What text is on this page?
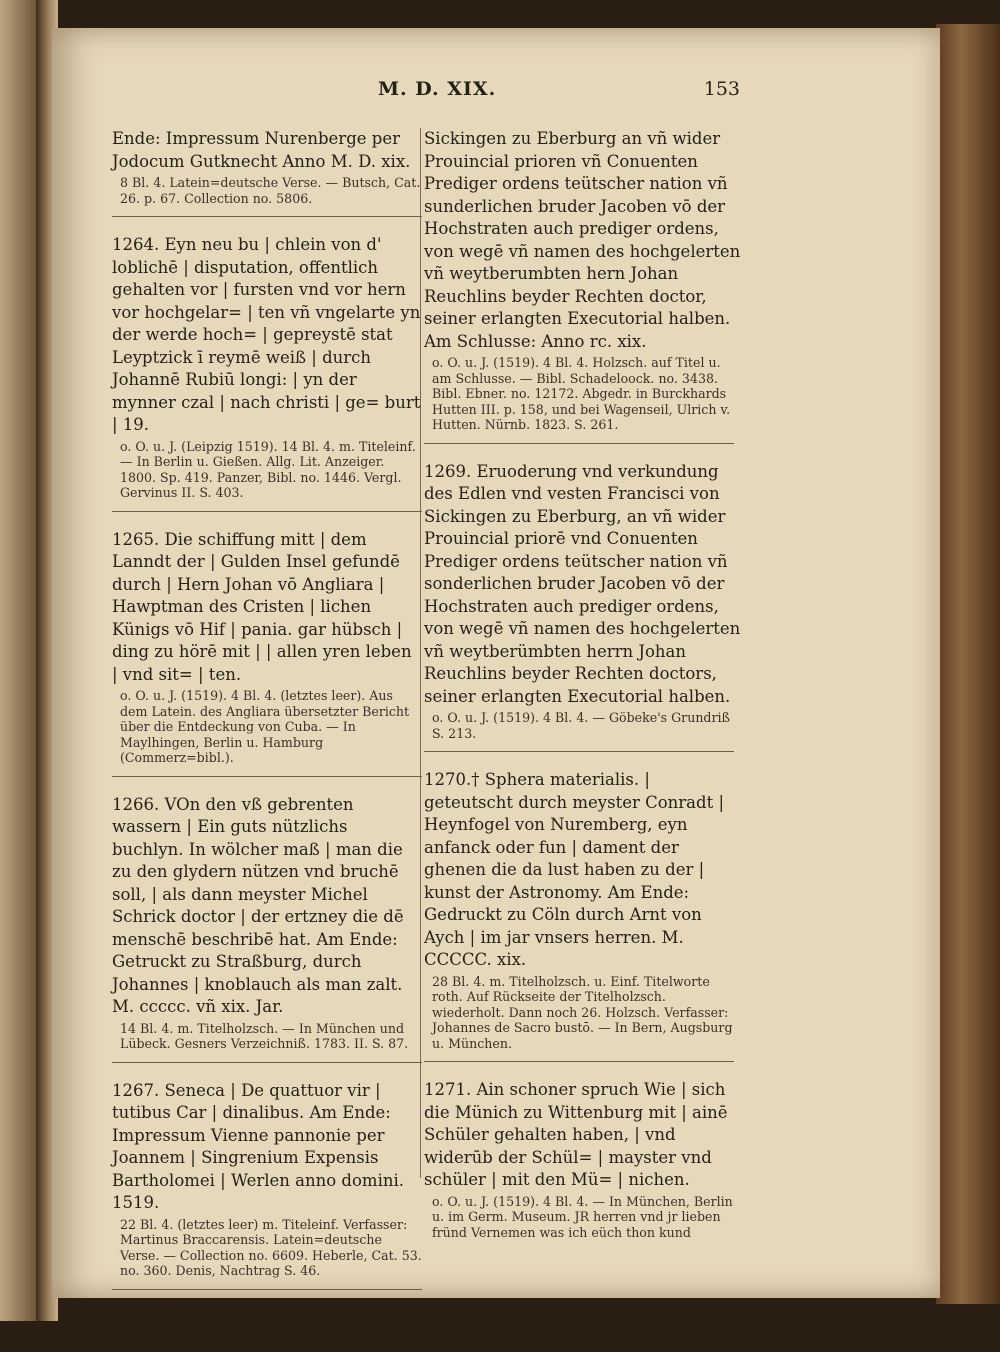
M. D. XIX.	153

Ende: Impressum Nurenberge per Jodocum Gutknecht Anno M. D. xix.

8 Bl. 4. Latein=deutsche Verse. — Butsch, Cat. 26. p. 67. Collection no. 5806.

1264. Eyn neu bu | chlein von d' loblichē | disputation, offentlich gehalten vor | fursten vnd vor hern vor hochgelar= | ten vñ vngelarte yn der werde hoch= | gepreystē stat Leyptzick ī reymē weiß | durch Johannē Rubiū longi: | yn der mynner czal | nach christi | ge= burt | 19.

o. O. u. J. (Leipzig 1519). 14 Bl. 4. m. Titeleinf. — In Berlin u. Gießen. Allg. Lit. Anzeiger. 1800. Sp. 419. Panzer, Bibl. no. 1446. Vergl. Gervinus II. S. 403.

1265. Die schiffung mitt | dem Lanndt der | Gulden Insel gefundē durch | Hern Johan vō Angliara | Hawptman des Cristen | lichen Künigs vō Hif | pania. gar hübsch | ding zu hörē mit | | allen yren leben | vnd sit= | ten.

o. O. u. J. (1519). 4 Bl. 4. (letztes leer). Aus dem Latein. des Angliara übersetzter Bericht über die Entdeckung von Cuba. — In Maylhingen, Berlin u. Hamburg (Commerz=bibl.).

1266. VOn den vß gebrenten wassern | Ein guts nützlichs buchlyn. In wölcher maß | man die zu den glydern nützen vnd bruchē soll, | als dann meyster Michel Schrick doctor | der ertzney die dē menschē beschribē hat. Am Ende: Getruckt zu Straßburg, durch Johannes | knoblauch als man zalt. M. ccccc. vñ xix. Jar.

14 Bl. 4. m. Titelholzsch. — In München und Lübeck. Gesners Verzeichniß. 1783. II. S. 87.

1267. Seneca | De quattuor vir | tutibus Car | dinalibus. Am Ende: Impressum Vienne pannonie per Joannem | Singrenium Expensis Bartholomei | Werlen anno domini. 1519.

22 Bl. 4. (letztes leer) m. Titeleinf. Verfasser: Martinus Braccarensis. Latein=deutsche Verse. — Collection no. 6609. Heberle, Cat. 53. no. 360. Denis, Nachtrag S. 46.

1268. Eruorderung vnd verkundung des Edlen vnd vesten Francisci von

Sickingen zu Eberburg an vñ wider Prouincial prioren vñ Conuenten Prediger ordens teütscher nation vñ sunderlichen bruder Jacoben vō der Hochstraten auch prediger ordens, von wegē vñ namen des hochgelerten vñ weytberumbten hern Johan Reuchlins beyder Rechten doctor, seiner erlangten Executorial halben. Am Schlusse: Anno rc. xix.

o. O. u. J. (1519). 4 Bl. 4. Holzsch. auf Titel u. am Schlusse. — Bibl. Schadeloock. no. 3438. Bibl. Ebner. no. 12172. Abgedr. in Burckhards Hutten III. p. 158, und bei Wagenseil, Ulrich v. Hutten. Nürnb. 1823. S. 261.

1269. Eruoderung vnd verkundung des Edlen vnd vesten Francisci von Sickingen zu Eberburg, an vñ wider Prouincial priorē vnd Conuenten Prediger ordens teütscher nation vñ sonderlichen bruder Jacoben vō der Hochstraten auch prediger ordens, von wegē vñ namen des hochgelerten vñ weytberümbten herrn Johan Reuchlins beyder Rechten doctors, seiner erlangten Executorial halben.

o. O. u. J. (1519). 4 Bl. 4. — Göbeke's Grundriß S. 213.

1270.† Sphera materialis. | geteutscht durch meyster Conradt | Heynfogel von Nuremberg, eyn anfanck oder fun | dament der ghenen die da lust haben zu der | kunst der Astronomy. Am Ende: Gedruckt zu Cöln durch Arnt von Aych | im jar vnsers herren. M. CCCCC. xix.

28 Bl. 4. m. Titelholzsch. u. Einf. Titelworte roth. Auf Rückseite der Titelholzsch. wiederholt. Dann noch 26. Holzsch. Verfasser: Johannes de Sacro bustō. — In Bern, Augsburg u. München.

1271. Ain schoner spruch Wie | sich die Münich zu Wittenburg mit | ainē Schüler gehalten haben, | vnd widerūb der Schül= | mayster vnd schüler | mit den Mü= | nichen.

o. O. u. J. (1519). 4 Bl. 4. — In München, Berlin u. im Germ. Museum. JR herren vnd jr lieben fründ Vernemen was ich eüch thon kund
